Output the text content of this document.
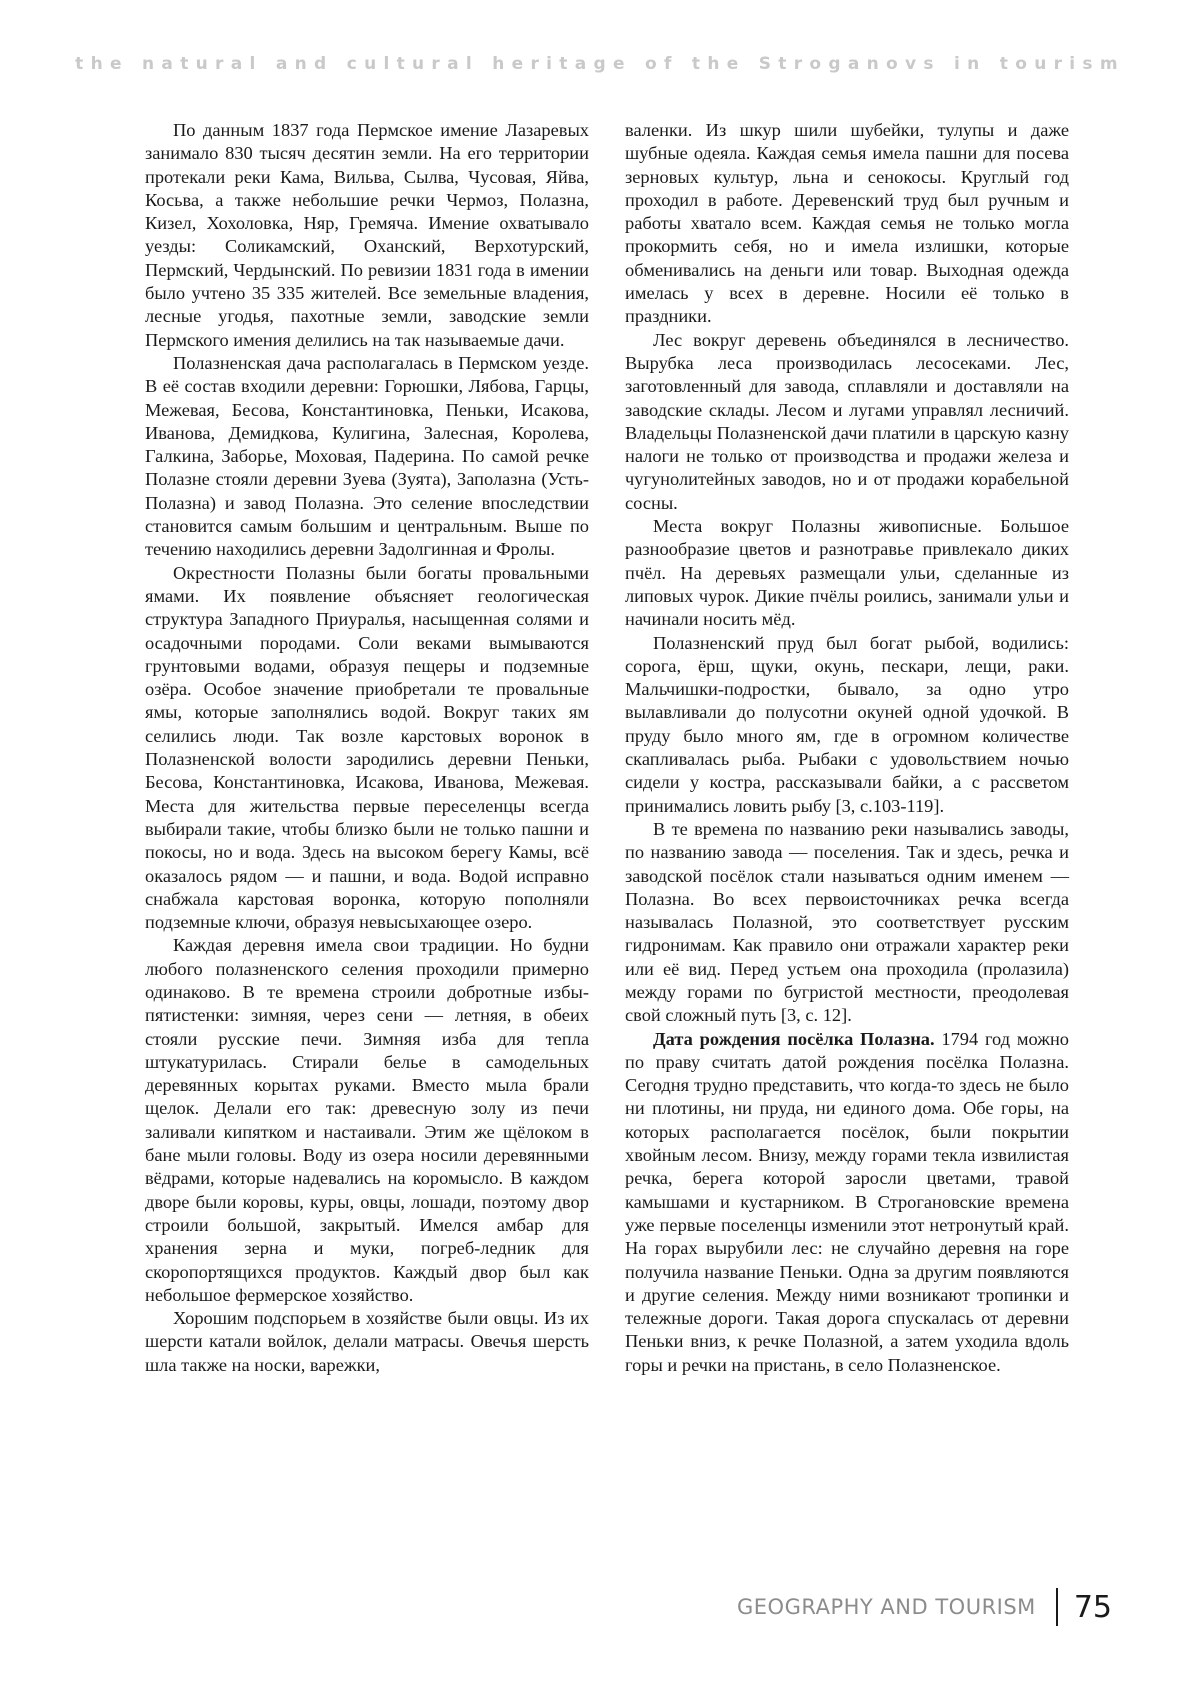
the natural and cultural heritage of the Stroganovs in tourism

По данным 1837 года Пермское имение Лазаревых занимало 830 тысяч десятин земли. На его территории протекали реки Кама, Вильва, Сылва, Чусовая, Яйва, Косьва, а также небольшие речки Чермоз, Полазна, Кизел, Хохоловка, Няр, Гремяча. Имение охватывало уезды: Соликамский, Оханский, Верхотурский, Пермский, Чердынский. По ревизии 1831 года в имении было учтено 35 335 жителей. Все земельные владения, лесные угодья, пахотные земли, заводские земли Пермского имения делились на так называемые дачи.

Полазненская дача располагалась в Пермском уезде. В её состав входили деревни: Горюшки, Лябова, Гарцы, Межевая, Бесова, Константиновка, Пеньки, Исакова, Иванова, Демидкова, Кулигина, Залесная, Королева, Галкина, Заборье, Моховая, Падерина. По самой речке Полазне стояли деревни Зуева (Зуята), Заполазна (Усть-Полазна) и завод Полазна. Это селение впоследствии становится самым большим и центральным. Выше по течению находились деревни Задолгинная и Фролы.

Окрестности Полазны были богаты провальными ямами. Их появление объясняет геологическая структура Западного Приуралья, насыщенная солями и осадочными породами. Соли веками вымываются грунтовыми водами, образуя пещеры и подземные озёра. Особое значение приобретали те провальные ямы, которые заполнялись водой. Вокруг таких ям селились люди. Так возле карстовых воронок в Полазненской волости зародились деревни Пеньки, Бесова, Константиновка, Исакова, Иванова, Межевая. Места для жительства первые переселенцы всегда выбирали такие, чтобы близко были не только пашни и покосы, но и вода. Здесь на высоком берегу Камы, всё оказалось рядом — и пашни, и вода. Водой исправно снабжала карстовая воронка, которую пополняли подземные ключи, образуя невысыхающее озеро.

Каждая деревня имела свои традиции. Но будни любого полазненского селения проходили примерно одинаково. В те времена строили добротные избы-пятистенки: зимняя, через сени — летняя, в обеих стояли русские печи. Зимняя изба для тепла штукатурилась. Стирали белье в самодельных деревянных корытах руками. Вместо мыла брали щелок. Делали его так: древесную золу из печи заливали кипятком и настаивали. Этим же щёлоком в бане мыли головы. Воду из озера носили деревянными вёдрами, которые надевались на коромысло. В каждом дворе были коровы, куры, овцы, лошади, поэтому двор строили большой, закрытый. Имелся амбар для хранения зерна и муки, погреб-ледник для скоропортящихся продуктов. Каждый двор был как небольшое фермерское хозяйство.

Хорошим подспорьем в хозяйстве были овцы. Из их шерсти катали войлок, делали матрасы. Овечья шерсть шла также на носки, варежки,

валенки. Из шкур шили шубейки, тулупы и даже шубные одеяла. Каждая семья имела пашни для посева зерновых культур, льна и сенокосы. Круглый год проходил в работе. Деревенский труд был ручным и работы хватало всем. Каждая семья не только могла прокормить себя, но и имела излишки, которые обменивались на деньги или товар. Выходная одежда имелась у всех в деревне. Носили её только в праздники.

Лес вокруг деревень объединялся в лесничество. Вырубка леса производилась лесосеками. Лес, заготовленный для завода, сплавляли и доставляли на заводские склады. Лесом и лугами управлял лесничий. Владельцы Полазненской дачи платили в царскую казну налоги не только от производства и продажи железа и чугунолитейных заводов, но и от продажи корабельной сосны.

Места вокруг Полазны живописные. Большое разнообразие цветов и разнотравье привлекало диких пчёл. На деревьях размещали ульи, сделанные из липовых чурок. Дикие пчёлы роились, занимали ульи и начинали носить мёд.

Полазненский пруд был богат рыбой, водились: сорога, ёрш, щуки, окунь, пескари, лещи, раки. Мальчишки-подростки, бывало, за одно утро вылавливали до полусотни окуней одной удочкой. В пруду было много ям, где в огромном количестве скапливалась рыба. Рыбаки с удовольствием ночью сидели у костра, рассказывали байки, а с рассветом принимались ловить рыбу [3, с.103-119].

В те времена по названию реки назывались заводы, по названию завода — поселения. Так и здесь, речка и заводской посёлок стали называться одним именем — Полазна. Во всех первоисточниках речка всегда называлась Полазной, это соответствует русским гидронимам. Как правило они отражали характер реки или её вид. Перед устьем она проходила (пролазила) между горами по бугристой местности, преодолевая свой сложный путь [3, с. 12].

Дата рождения посёлка Полазна. 1794 год можно по праву считать датой рождения посёлка Полазна. Сегодня трудно представить, что когда-то здесь не было ни плотины, ни пруда, ни единого дома. Обе горы, на которых располагается посёлок, были покрытии хвойным лесом. Внизу, между горами текла извилистая речка, берега которой заросли цветами, травой камышами и кустарником. В Строгановские времена уже первые поселенцы изменили этот нетронутый край. На горах вырубили лес: не случайно деревня на горе получила название Пеньки. Одна за другим появляются и другие селения. Между ними возникают тропинки и тележные дороги. Такая дорога спускалась от деревни Пеньки вниз, к речке Полазной, а затем уходила вдоль горы и речки на пристань, в село Полазненское.

GEOGRAPHY AND TOURISM 75
